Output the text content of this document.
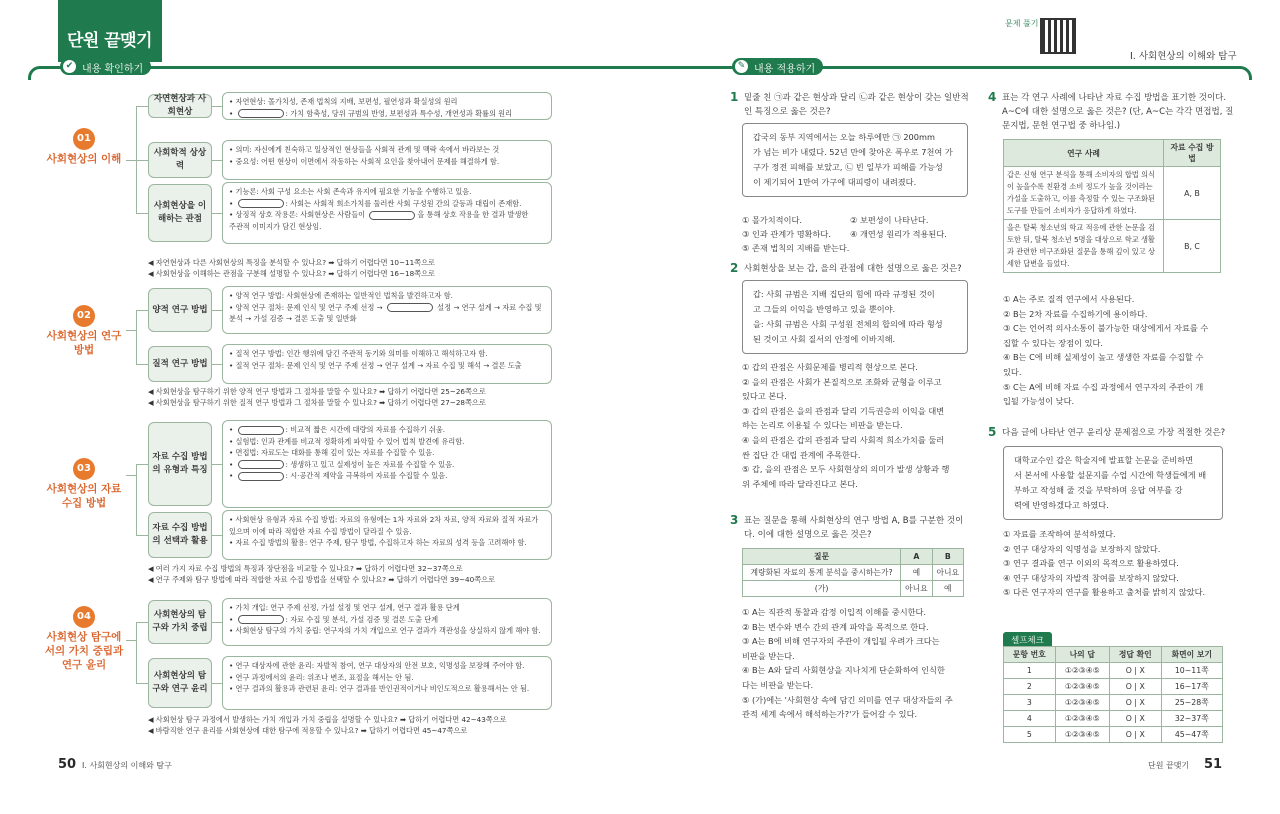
단원 끝맺기
✔ 내용 확인하기	✎ 내용 적용하기
문제 풀기
Ⅰ. 사회현상의 이해와 탐구
01
사회현상의 이해
자연현상과 사회현상
• 자연현상: 몰가치성, 존재 법칙의 지배, 보편성, 필연성과 확실성의 원리
•	: 가치 함축성, 당위 규범의 반영, 보편성과 특수성, 개연성과 확률의 원리
사회학적 상상력
• 의미: 자신에게 친숙하고 일상적인 현상들을 사회적 관계 및 맥락 속에서 바라보는 것
• 중요성: 어떤 현상이 이면에서 작동하는 사회적 요인을 찾아내어 문제를 해결하게 함.
사회현상을 이해하는 관점
• 기능론: 사회 구성 요소는 사회 존속과 유지에 필요한 기능을 수행하고 있음.
•	: 사회는 사회적 희소가치를 둘러싼 사회 구성원 간의 갈등과 대립이 존재함.
• 상징적 상호 작용론: 사회현상은 사람들이	을 통해 상호 작용을 한 결과 발생한
주관적 이미지가 담긴 현상임.
◀ 자연현상과 다른 사회현상의 특징을 분석할 수 있나요? ➡ 답하기 어렵다면 10~11쪽으로
◀ 사회현상을 이해하는 관점을 구분해 설명할 수 있나요? ➡ 답하기 어렵다면 16~18쪽으로
02
사회현상의 연구 방법
양적 연구 방법
• 양적 연구 방법: 사회현상에 존재하는 일반적인 법칙을 발견하고자 함.
• 양적 연구 절차: 문제 인식 및 연구 주제 선정 →	설정 → 연구 설계 → 자료 수집 및
분석 → 가설 검증 → 결론 도출 및 일반화
질적 연구 방법
• 질적 연구 방법: 인간 행위에 담긴 주관적 동기와 의미를 이해하고 해석하고자 함.
• 질적 연구 절차: 문제 인식 및 연구 주제 선정 → 연구 설계 → 자료 수집 및 해석 → 결론 도출
◀ 사회현상을 탐구하기 위한 양적 연구 방법과 그 절차를 말할 수 있나요? ➡ 답하기 어렵다면 25~26쪽으로
◀ 사회현상을 탐구하기 위한 질적 연구 방법과 그 절차를 말할 수 있나요? ➡ 답하기 어렵다면 27~28쪽으로
03
사회현상의 자료 수집 방법
자료 수집 방법의 유형과 특징
•	: 비교적 짧은 시간에 대량의 자료를 수집하기 쉬움.
• 실험법: 인과 관계를 비교적 정확하게 파악할 수 있어 법칙 발견에 유리함.
• 면접법: 자료도는 대화를 통해 깊이 있는 자료를 수집할 수 있음.
•	: 생생하고 있고 실제성이 높은 자료를 수집할 수 있음.
•	: 시·공간적 제약을 극복하여 자료를 수집할 수 있음.
자료 수집 방법의 선택과 활용
• 사회현상 유형과 자료 수집 방법: 자료의 유형에는 1차 자료와 2차 자료, 양적 자료와 질적 자료가
있으며 이에 따라 적합한 자료 수집 방법이 달라질 수 있음.
• 자료 수집 방법의 활용: 연구 주제, 탐구 방법, 수집하고자 하는 자료의 성격 등을 고려해야 함.
◀ 여러 가지 자료 수집 방법의 특징과 장단점을 비교할 수 있나요? ➡ 답하기 어렵다면 32~37쪽으로
◀ 연구 주제와 탐구 방법에 따라 적합한 자료 수집 방법을 선택할 수 있나요? ➡ 답하기 어렵다면 39~40쪽으로
04
사회현상 탐구에서의 가치 중립과 연구 윤리
사회현상의 탐구와 가치 중립
• 가치 개입: 연구 주제 선정, 가설 설정 및 연구 설계, 연구 결과 활용 단계
•	: 자료 수집 및 분석, 가설 검증 및 결론 도출 단계
• 사회현상 탐구의 가치 중립: 연구자의 가치 개입으로 연구 결과가 객관성을 상실하지 않게 해야 함.
사회현상의 탐구와 연구 윤리
• 연구 대상자에 관한 윤리: 자발적 참여, 연구 대상자의 안전 보호, 익명성을 보장해 주어야 함.
• 연구 과정에서의 윤리: 위조나 변조, 표절을 해서는 안 됨.
• 연구 결과의 활용과 관련된 윤리: 연구 결과를 반인권적이거나 비인도적으로 활용해서는 안 됨.
◀ 사회현상 탐구 과정에서 발생하는 가치 개입과 가치 중립을 설명할 수 있나요? ➡ 답하기 어렵다면 42~43쪽으로
◀ 바람직한 연구 윤리를 사회현상에 대한 탐구에 적용할 수 있나요? ➡ 답하기 어렵다면 45~47쪽으로
1 밑줄 친 ㉠과 같은 현상과 달리 ㉡과 같은 현상이 갖는 일반적
인 특징으로 옳은 것은?
갑국의 동부 지역에서는 오늘 하루에만 ㉠ 200mm
가 넘는 비가 내렸다. 52년 만에 찾아온 폭우로 7천여 가
구가 정전 피해를 보았고, ㉡ 빈 일부가 피해를 가능성
이 제기되어 1만여 가구에 대피령이 내려졌다.
① 몰가치적이다.	② 보편성이 나타난다.
③ 인과 관계가 명확하다. ④ 개연성 원리가 적용된다.
⑤ 존재 법칙의 지배를 받는다.
2 사회현상을 보는 갑, 을의 관점에 대한 설명으로 옳은 것은?
갑: 사회 규범은 지배 집단의 힘에 따라 규정된 것이
고 그들의 이익을 반영하고 있을 뿐이야.
을: 사회 규범은 사회 구성원 전체의 합의에 따라 형성
된 것이고 사회 질서의 안정에 이바지해.
① 갑의 관점은 사회문제를 병리적 현상으로 본다.
② 을의 관점은 사회가 본질적으로 조화와 균형을 이루고
있다고 본다.
③ 갑의 관점은 을의 관점과 달리 기득권층의 이익을 대변
하는 논리로 이용될 수 있다는 비판을 받는다.
④ 을의 관점은 갑의 관점과 달리 사회적 희소가치를 둘러
싼 집단 간 대립 관계에 주목한다.
⑤ 갑, 을의 관점은 모두 사회현상의 의미가 발생 상황과 행
위 주체에 따라 달라진다고 본다.
3 표는 질문을 통해 사회현상의 연구 방법 A, B를 구분한 것이
다. 이에 대한 설명으로 옳은 것은?
질문	A	B
계량화된 자료의 통계 분석을 중시하는가?	예	아니요
(가)	아니요	예
① A는 직관적 통찰과 감정 이입적 이해를 중시한다.
② B는 변수와 변수 간의 관계 파악을 목적으로 한다.
③ A는 B에 비해 연구자의 주관이 개입될 우려가 크다는
비판을 받는다.
④ B는 A와 달리 사회현상을 지나치게 단순화하여 인식한
다는 비판을 받는다.
⑤ (가)에는 '사회현상 속에 담긴 의미를 연구 대상자들의 주
관적 세계 속에서 해석하는가?'가 들어갈 수 있다.
4 표는 각 연구 사례에 나타난 자료 수집 방법을 표기한 것이다.
A~C에 대한 설명으로 옳은 것은? (단, A~C는 각각 면접법, 질
문지법, 문헌 연구법 중 하나임.)
연구 사례	자료 수집 방법
갑은 신형 연구 분석을 통해 소비자의 합법 의식이 높을수록 친환경 소비 정도가 높을 것이라는 가설을 도출하고, 이를 측정할 수 있는 구조화된 도구를 만들어 소비자가 응답하게 하였다.	A, B
을은 탈북 청소년의 학교 적응에 관한 논문을 검토한 뒤, 탈북 청소년 5명을 대상으로 학교 생활과 관련한 비구조화된 질문을 통해 깊이 있고 상세한 답변을 들었다.	B, C
① A는 주로 질적 연구에서 사용된다.
② B는 2차 자료를 수집하기에 용이하다.
③ C는 언어적 의사소통이 불가능한 대상에게서 자료를 수
집할 수 있다는 장점이 있다.
④ B는 C에 비해 실제성이 높고 생생한 자료를 수집할 수
있다.
⑤ C는 A에 비해 자료 수집 과정에서 연구자의 주관이 개
입될 가능성이 낮다.
5 다음 글에 나타난 연구 윤리상 문제점으로 가장 적절한 것은?
대학교수인 갑은 학술지에 발표할 논문을 준비하면
서 본서에 사용할 설문지를 수업 시간에 학생들에게 배
부하고 작성해 줄 것을 부탁하며 응답 여부를 강
력에 반영하겠다고 하였다.
① 자료를 조작하여 분석하였다.
② 연구 대상자의 익명성을 보장하지 않았다.
③ 연구 결과를 연구 이외의 목적으로 활용하였다.
④ 연구 대상자의 자발적 참여를 보장하지 않았다.
⑤ 다른 연구자의 연구를 활용하고 출처를 밝히지 않았다.
셀프체크
문항 번호	나의 답	정답 확인	화면이 보기
1	①②③④⑤	O | X	10~11쪽
2	①②③④⑤	O | X	16~17쪽
3	①②③④⑤	O | X	25~28쪽
4	①②③④⑤	O | X	32~37쪽
5	①②③④⑤	O | X	45~47쪽
50 Ⅰ. 사회현상의 이해와 탐구	단원 끝맺기 51
